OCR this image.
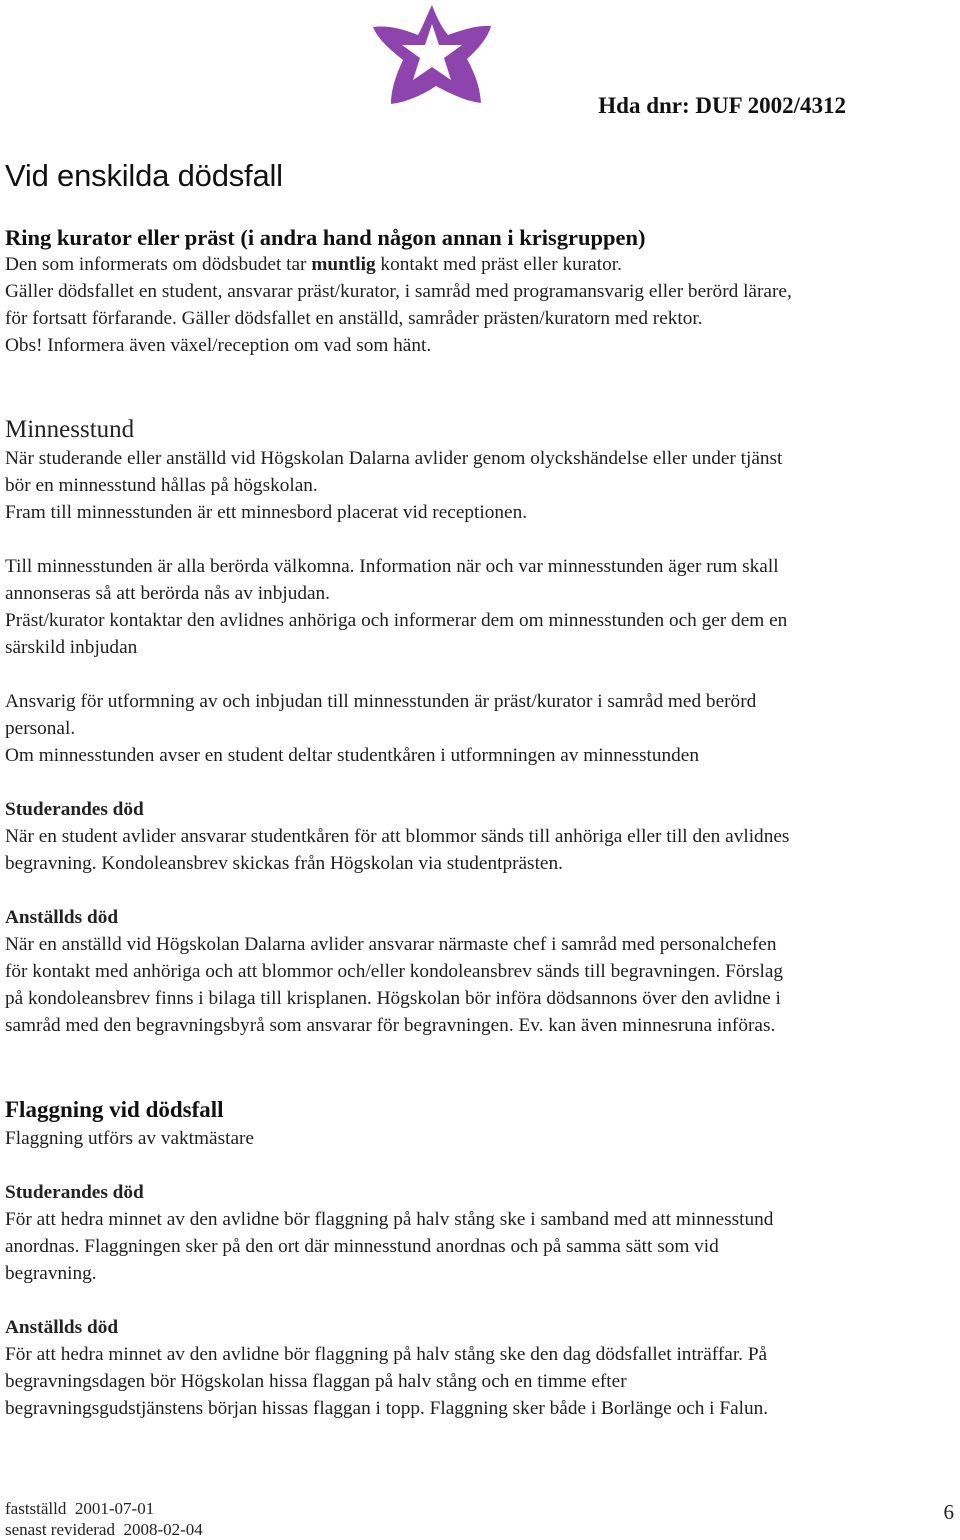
Hda dnr: DUF 2002/4312
Vid enskilda dödsfall

Ring kurator eller präst (i andra hand någon annan i krisgruppen)

Den som informerats om dödsbudet tar muntlig kontakt med präst eller kurator.

Gäller dödsfallet en student, ansvarar präst/kurator, i samråd med programansvarig eller berörd lärare,

för fortsatt förfarande. Gäller dödsfallet en anställd, samråder prästen/kuratorn med rektor.

Obs! Informera även växel/reception om vad som hänt.

Minnesstund

När studerande eller anställd vid Högskolan Dalarna avlider genom olyckshändelse eller under tjänst

bör en minnesstund hållas på högskolan.

Fram till minnesstunden är ett minnesbord placerat vid receptionen.

Till minnesstunden är alla berörda välkomna. Information när och var minnesstunden äger rum skall

annonseras så att berörda nås av inbjudan.

Präst/kurator kontaktar den avlidnes anhöriga och informerar dem om minnesstunden och ger dem en

särskild inbjudan

Ansvarig för utformning av och inbjudan till minnesstunden är präst/kurator i samråd med berörd

personal.

Om minnesstunden avser en student deltar studentkåren i utformningen av minnesstunden

Studerandes död

När en student avlider ansvarar studentkåren för att blommor sänds till anhöriga eller till den avlidnes

begravning. Kondoleansbrev skickas från Högskolan via studentprästen.

Anställds död

När en anställd vid Högskolan Dalarna avlider ansvarar närmaste chef i samråd med personalchefen

för kontakt med anhöriga och att blommor och/eller kondoleansbrev sänds till begravningen. Förslag

på kondoleansbrev finns i bilaga till krisplanen. Högskolan bör införa dödsannons över den avlidne i

samråd med den begravningsbyrå som ansvarar för begravningen. Ev. kan även minnesruna införas.

Flaggning vid dödsfall

Flaggning utförs av vaktmästare

Studerandes död

För att hedra minnet av den avlidne bör flaggning på halv stång ske i samband med att minnesstund

anordnas. Flaggningen sker på den ort där minnesstund anordnas och på samma sätt som vid

begravning.

Anställds död

För att hedra minnet av den avlidne bör flaggning på halv stång ske den dag dödsfallet inträffar. På

begravningsdagen bör Högskolan hissa flaggan på halv stång och en timme efter

begravningsgudstjänstens början hissas flaggan i topp. Flaggning sker både i Borlänge och i Falun.

fastställd  2001-07-01
senast reviderad  2008-02-04
6
